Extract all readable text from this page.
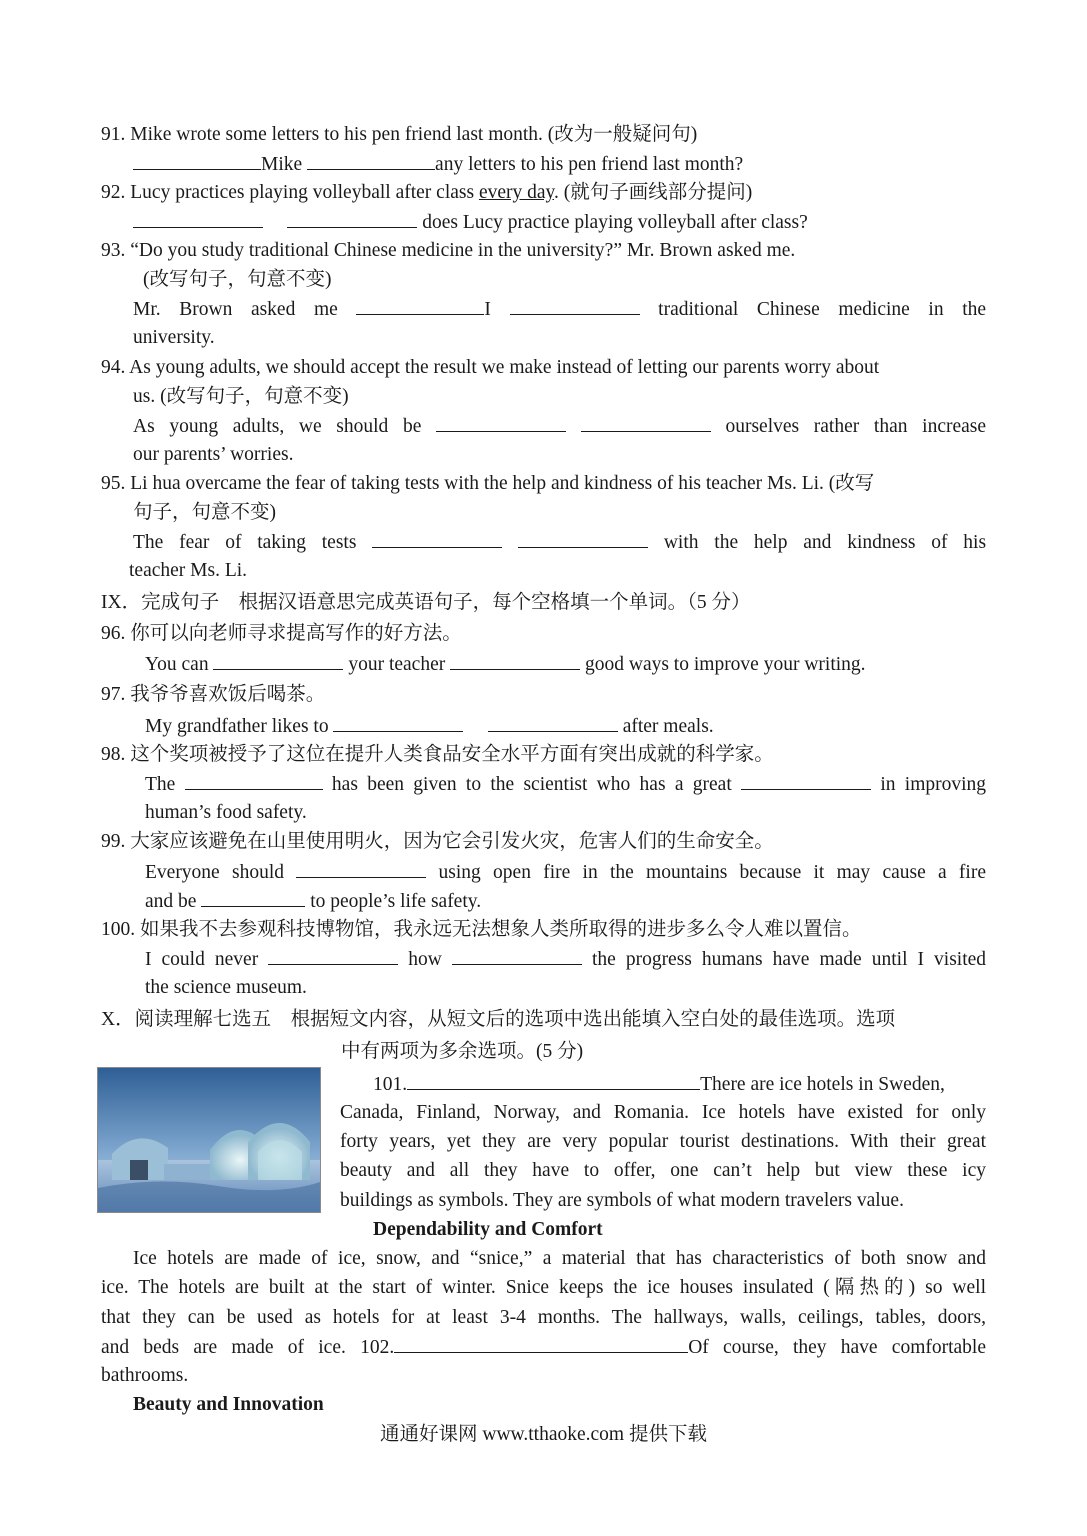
91. Mike wrote some letters to his pen friend last month. (改为一般疑问句)
Mike	any letters to his pen friend last month?
92. Lucy practices playing volleyball after class every day. (就句子画线部分提问)
does Lucy practice playing volleyball after class?
93. “Do you study traditional Chinese medicine in the university?” Mr. Brown asked me.
(改写句子，句意不变)
Mr. Brown asked me	I	traditional Chinese medicine in the
university.
94. As young adults, we should accept the result we make instead of letting our parents worry about
us. (改写句子，句意不变)
As young adults, we should be	ourselves rather than increase
our parents’ worries.
95. Li hua overcame the fear of taking tests with the help and kindness of his teacher Ms. Li. (改写
句子，句意不变)
The fear of taking tests	with the help and kindness of his
teacher Ms. Li.
IX．完成句子　根据汉语意思完成英语句子，每个空格填一个单词。（5 分）
96. 你可以向老师寻求提高写作的好方法。
You can	your teacher	good ways to improve your writing.
97. 我爷爷喜欢饭后喝茶。
My grandfather likes to	after meals.
98. 这个奖项被授予了这位在提升人类食品安全水平方面有突出成就的科学家。
The	has been given to the scientist who has a great	in improving
human’s food safety.
99. 大家应该避免在山里使用明火，因为它会引发火灾，危害人们的生命安全。
Everyone should	using open fire in the mountains because it may cause a fire
and be	to people’s life safety.
100. 如果我不去参观科技博物馆，我永远无法想象人类所取得的进步多么令人难以置信。
I could never	how	the progress humans have made until I visited
the science museum.
X．阅读理解七选五　根据短文内容，从短文后的选项中选出能填入空白处的最佳选项。选项
中有两项为多余选项。(5 分)
101.	There are ice hotels in Sweden,
Canada, Finland, Norway, and Romania. Ice hotels have existed for only
forty years, yet they are very popular tourist destinations. With their great
beauty and all they have to offer, one can’t help but view these icy
buildings as symbols. They are symbols of what modern travelers value.
Dependability and Comfort
Ice hotels are made of ice, snow, and “snice,” a material that has characteristics of both snow and
ice. The hotels are built at the start of winter. Snice keeps the ice houses insulated (隔热的) so well
that they can be used as hotels for at least 3-4 months. The hallways, walls, ceilings, tables, doors,
and beds are made of ice. 102.	Of course, they have comfortable
bathrooms.
Beauty and Innovation
通通好课网 www.tthaoke.com 提供下载
